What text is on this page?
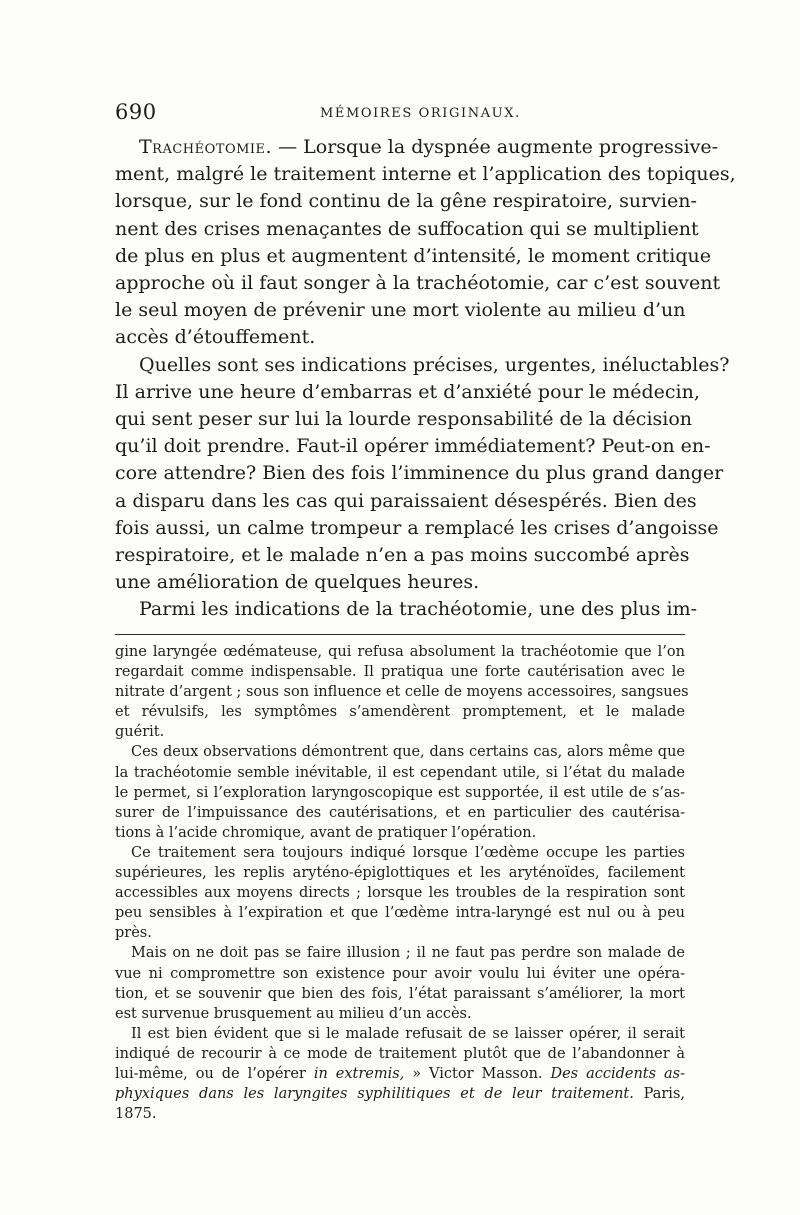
690	MÉMOIRES ORIGINAUX.

Trachéotomie. — Lorsque la dyspnée augmente progressive-
ment, malgré le traitement interne et l’application des topiques,
lorsque, sur le fond continu de la gêne respiratoire, survien-
nent des crises menaçantes de suffocation qui se multiplient
de plus en plus et augmentent d’intensité, le moment critique
approche où il faut songer à la trachéotomie, car c’est souvent
le seul moyen de prévenir une mort violente au milieu d’un
accès d’étouffement.

Quelles sont ses indications précises, urgentes, inéluctables?
Il arrive une heure d’embarras et d’anxiété pour le médecin,
qui sent peser sur lui la lourde responsabilité de la décision
qu’il doit prendre. Faut-il opérer immédiatement? Peut-on en-
core attendre? Bien des fois l’imminence du plus grand danger
a disparu dans les cas qui paraissaient désespérés. Bien des
fois aussi, un calme trompeur a remplacé les crises d’angoisse
respiratoire, et le malade n’en a pas moins succombé après
une amélioration de quelques heures.

Parmi les indications de la trachéotomie, une des plus im-

gine laryngée œdémateuse, qui refusa absolument la trachéotomie que l’on
regardait comme indispensable. Il pratiqua une forte cautérisation avec le
nitrate d’argent ; sous son influence et celle de moyens accessoires, sangsues
et révulsifs, les symptômes s’amendèrent promptement, et le malade
guérit.
Ces deux observations démontrent que, dans certains cas, alors même que
la trachéotomie semble inévitable, il est cependant utile, si l’état du malade
le permet, si l’exploration laryngoscopique est supportée, il est utile de s’as-
surer de l’impuissance des cautérisations, et en particulier des cautérisa-
tions à l’acide chromique, avant de pratiquer l’opération.
Ce traitement sera toujours indiqué lorsque l’œdème occupe les parties
supérieures, les replis aryténo-épiglottiques et les aryténoïdes, facilement
accessibles aux moyens directs ; lorsque les troubles de la respiration sont
peu sensibles à l’expiration et que l’œdème intra-laryngé est nul ou à peu
près.
Mais on ne doit pas se faire illusion ; il ne faut pas perdre son malade de
vue ni compromettre son existence pour avoir voulu lui éviter une opéra-
tion, et se souvenir que bien des fois, l’état paraissant s’améliorer, la mort
est survenue brusquement au milieu d’un accès.
Il est bien évident que si le malade refusait de se laisser opérer, il serait
indiqué de recourir à ce mode de traitement plutôt que de l’abandonner à
lui-même, ou de l’opérer in extremis, » Victor Masson. Des accidents as-
phyxiques dans les laryngites syphilitiques et de leur traitement. Paris,
1875.
